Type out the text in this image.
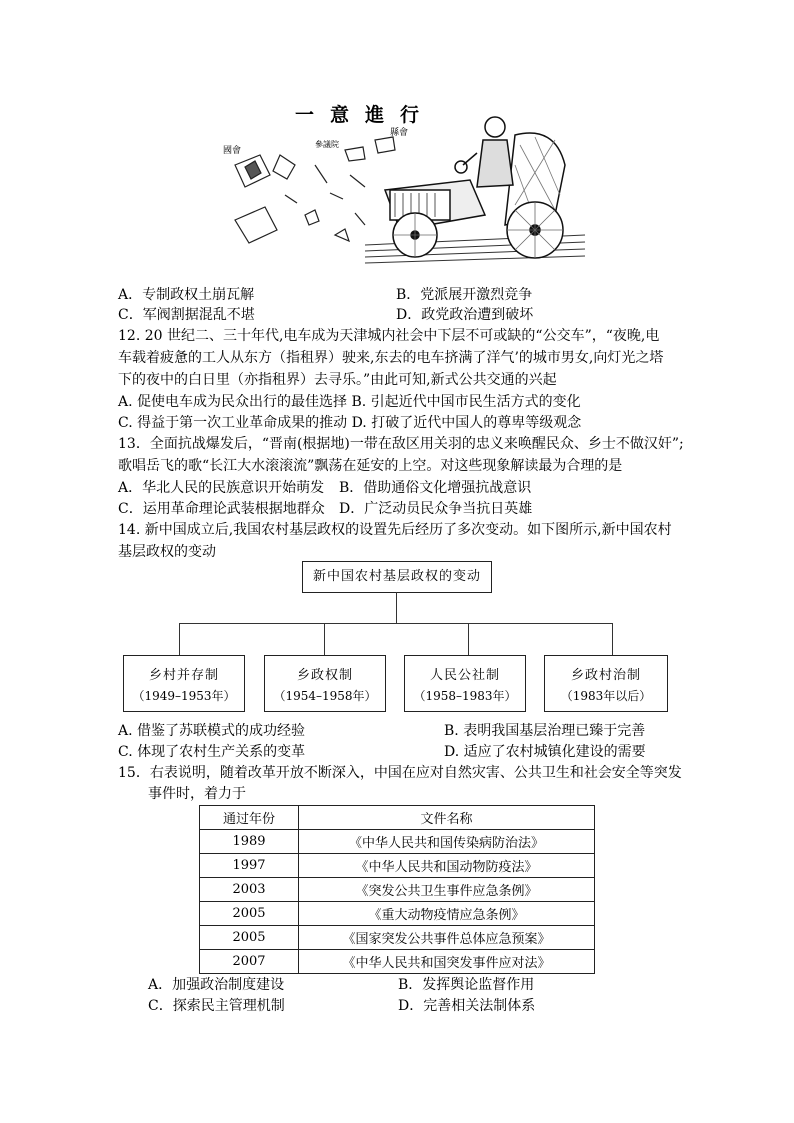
一意進行
國會
參議院
縣會
A．专制政权土崩瓦解	B．党派展开激烈竞争
C．军阀割据混乱不堪	D．政党政治遭到破坏
12. 20 世纪二、三十年代,电车成为天津城内社会中下层不可或缺的“公交车”，“夜晚,电
车载着疲惫的工人从东方（指租界）驶来,东去的电车挤满了洋气’的城市男女,向灯光之塔
下的夜中的白日里（亦指租界）去寻乐。”由此可知,新式公共交通的兴起
A. 促使电车成为民众出行的最佳选择 B. 引起近代中国市民生活方式的变化
C. 得益于第一次工业革命成果的推动 D. 打破了近代中国人的尊卑等级观念
13．全面抗战爆发后，“晋南(根据地)一带在敌区用关羽的忠义来唤醒民众、乡士不做汉奸”;
歌唱岳飞的歌“长江大水滚滚流”飘荡在延安的上空。对这些现象解读最为合理的是
A．华北人民的民族意识开始萌发 B．借助通俗文化增强抗战意识
C．运用革命理论武装根据地群众 D．广泛动员民众争当抗日英雄
14. 新中国成立后,我国农村基层政权的设置先后经历了多次变动。如下图所示,新中国农村
基层政权的变动
新中国农村基层政权的变动
乡村并存制
（1949–1953年）
乡政权制
（1954–1958年）
人民公社制
（1958–1983年）
乡政村治制
（1983年以后）
A. 借鉴了苏联模式的成功经验	B. 表明我国基层治理已臻于完善
C. 体现了农村生产关系的变革	D. 适应了农村城镇化建设的需要
15．右表说明，随着改革开放不断深入，中国在应对自然灾害、公共卫生和社会安全等突发
事件时，着力于
通过年份	文件名称
1989	《中华人民共和国传染病防治法》
1997	《中华人民共和国动物防疫法》
2003	《突发公共卫生事件应急条例》
2005	《重大动物疫情应急条例》
2005	《国家突发公共事件总体应急预案》
2007	《中华人民共和国突发事件应对法》
A．加强政治制度建设	B．发挥舆论监督作用
C．探索民主管理机制	D．完善相关法制体系
